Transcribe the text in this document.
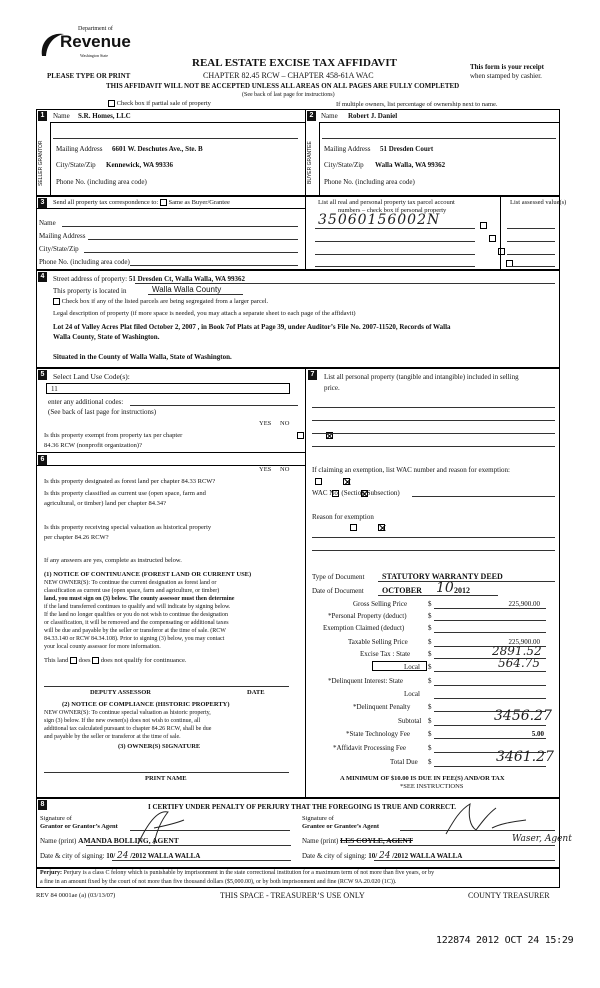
Department of
Revenue
Washington State
PLEASE TYPE OR PRINT
REAL ESTATE EXCISE TAX AFFIDAVIT
CHAPTER 82.45 RCW – CHAPTER 458-61A WAC
This form is your receipt
when stamped by cashier.
THIS AFFIDAVIT WILL NOT BE ACCEPTED UNLESS ALL AREAS ON ALL PAGES ARE FULLY COMPLETED
(See back of last page for instructions)
Check box if partial sale of property	If multiple owners, list percentage of ownership next to name.
1
SELLER GRANTOR
Name S.R. Homes, LLC
Mailing Address 6601 W. Deschutes Ave., Ste. B
City/State/Zip Kennewick, WA 99336
Phone No. (including area code)
2
BUYER GRANTEE
Name Robert J. Daniel
Mailing Address 51 Dresden Court
City/State/Zip Walla Walla, WA 99362
Phone No. (including area code)
3	Send all property tax correspondence to: Same as Buyer/Grantee
Name
Mailing Address
City/State/Zip
Phone No. (including area code)
List all real and personal property tax parcel account
numbers – check box if personal property
List assessed value(s)
35060156002N

4	Street address of property: 51 Dresden Ct, Walla Walla, WA 99362
This property is located in	Walla Walla County
Check box if any of the listed parcels are being segregated from a larger parcel.
Legal description of property (if more space is needed, you may attach a separate sheet to each page of the affidavit)
Lot 24 of Valley Acres Plat filed October 2, 2007 , in Book 7of Plats at Page 39, under Auditor’s File No. 2007-11520, Records of Walla
Walla County, State of Washington.
Situated in the County of Walla Walla, State of Washington.
5	Select Land Use Code(s):
11
enter any additional codes:
(See back of last page for instructions)
YES NO
Is this property exempt from property tax per chapter
84.36 RCW (nonprofit organization)?

6
YES NO
Is this property designated as forest land per chapter 84.33 RCW?

Is this property classified as current use (open space, farm and
agricultural, or timber) land per chapter 84.34?

Is this property receiving special valuation as historical property
per chapter 84.26 RCW?

If any answers are yes, complete as instructed below.
(1) NOTICE OF CONTINUANCE (FOREST LAND OR CURRENT USE)
NEW OWNER(S): To continue the current designation as forest land or
classification as current use (open space, farm and agriculture, or timber)
land, you must sign on (3) below. The county assessor must then determine
if the land transferred continues to qualify and will indicate by signing below.
If the land no longer qualifies or you do not wish to continue the designation
or classification, it will be removed and the compensating or additional taxes
will be due and payable by the seller or transferor at the time of sale. (RCW
84.33.140 or RCW 84.34.108). Prior to signing (3) below, you may contact
your local county assessor for more information.
This land does does not qualify for continuance.
DEPUTY ASSESSOR	DATE
(2) NOTICE OF COMPLIANCE (HISTORIC PROPERTY)
NEW OWNER(S): To continue special valuation as historic property,
sign (3) below. If the new owner(s) does not wish to continue, all
additional tax calculated pursuant to chapter 84.26 RCW, shall be due
and payable by the seller or transferor at the time of sale.
(3) OWNER(S) SIGNATURE
PRINT NAME
7	List all personal property (tangible and intangible) included in selling
price.
If claiming an exemption, list WAC number and reason for exemption:
WAC No. (Section/Subsection)
Reason for exemption
Type of Document STATUTORY WARRANTY DEED
Date of Document OCTOBER 10 2012
Gross Selling Price	$	225,900.00
*Personal Property (deduct)	$
Exemption Claimed (deduct)	$
Taxable Selling Price	$	225,900.00
Excise Tax : State	$	2891.52
Local $	564.75
*Delinquent Interest: State	$
Local
*Delinquent Penalty	$
Subtotal $	3456.27
*State Technology Fee	$	5.00
*Affidavit Processing Fee	$
Total Due $	3461.27
A MINIMUM OF $10.00 IS DUE IN FEE(S) AND/OR TAX
*SEE INSTRUCTIONS
8	I CERTIFY UNDER PENALTY OF PERJURY THAT THE FOREGOING IS TRUE AND CORRECT.
Signature of
Grantor or Grantor’s Agent
Signature of
Grantee or Grantee’s Agent
Name (print) AMANDA BOLLING, AGENT	Name (print) LES COYLE, AGENT	Waser, Agent
Date & city of signing: 10/ 24 /2012 WALLA WALLA	Date & city of signing: 10/ 24 /2012 WALLA WALLA
Perjury: Perjury is a class C felony which is punishable by imprisonment in the state correctional institution for a maximum term of not more than five years, or by
a fine in an amount fixed by the court of not more than five thousand dollars ($5,000.00), or by both imprisonment and fine (RCW 9A.20.020 (1C)).
REV 84 0001ae (a) (03/13/07)	THIS SPACE - TREASURER’S USE ONLY	COUNTY TREASURER
122874 2012 OCT 24 15:29
